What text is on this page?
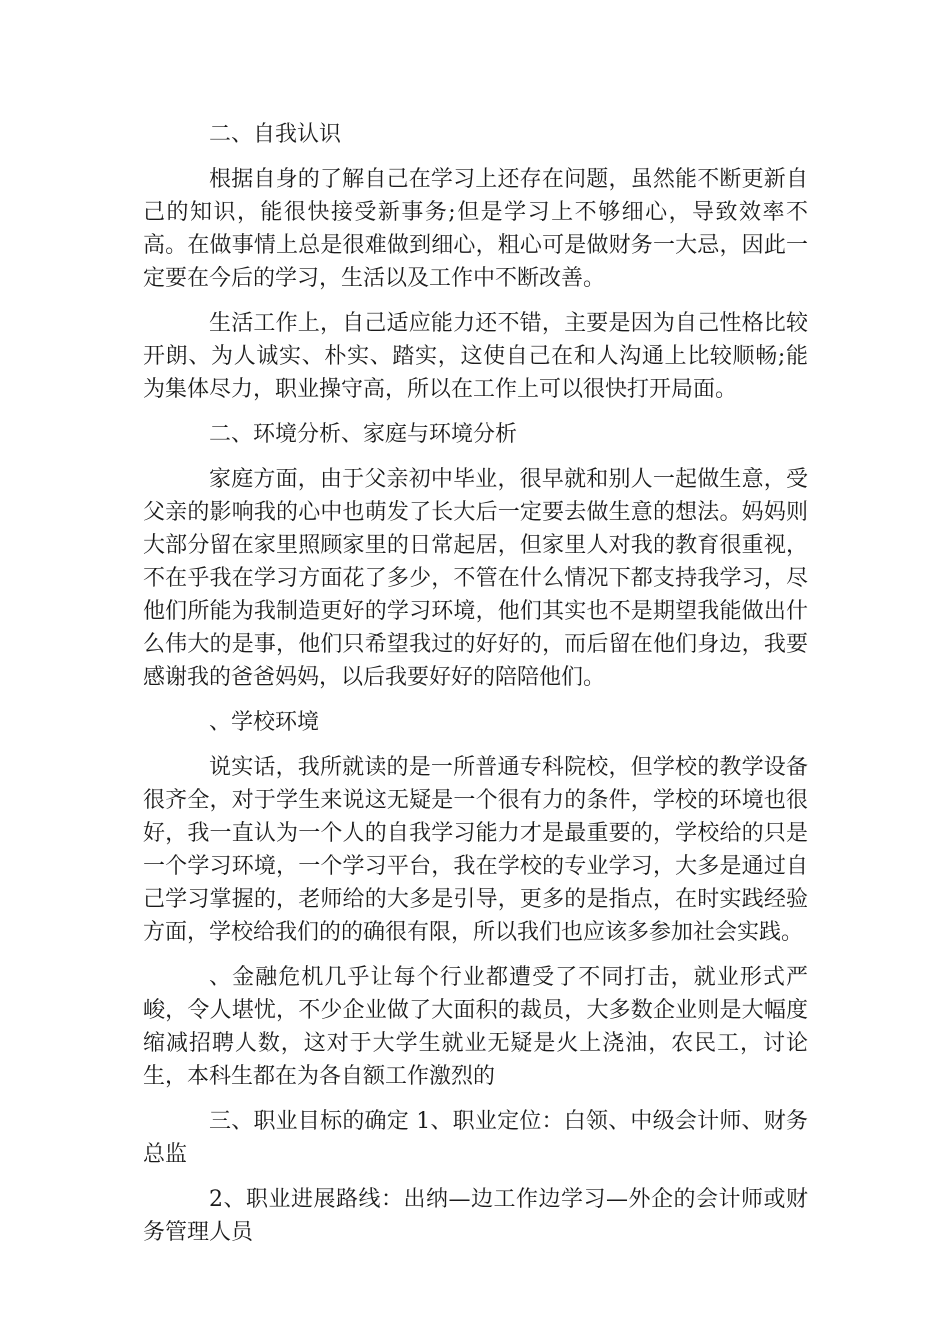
二、自我认识

根据自身的了解自己在学习上还存在问题，虽然能不断更新自己的知识，能很快接受新事务;但是学习上不够细心，导致效率不高。在做事情上总是很难做到细心，粗心可是做财务一大忌，因此一定要在今后的学习，生活以及工作中不断改善。

生活工作上，自己适应能力还不错，主要是因为自己性格比较开朗、为人诚实、朴实、踏实，这使自己在和人沟通上比较顺畅;能为集体尽力，职业操守高，所以在工作上可以很快打开局面。

二、环境分析、家庭与环境分析

家庭方面，由于父亲初中毕业，很早就和别人一起做生意，受父亲的影响我的心中也萌发了长大后一定要去做生意的想法。妈妈则大部分留在家里照顾家里的日常起居，但家里人对我的教育很重视，不在乎我在学习方面花了多少，不管在什么情况下都支持我学习，尽他们所能为我制造更好的学习环境，他们其实也不是期望我能做出什么伟大的是事，他们只希望我过的好好的，而后留在他们身边，我要感谢我的爸爸妈妈，以后我要好好的陪陪他们。

、学校环境

说实话，我所就读的是一所普通专科院校，但学校的教学设备很齐全，对于学生来说这无疑是一个很有力的条件，学校的环境也很好，我一直认为一个人的自我学习能力才是最重要的，学校给的只是一个学习环境，一个学习平台，我在学校的专业学习，大多是通过自己学习掌握的，老师给的大多是引导，更多的是指点，在时实践经验方面，学校给我们的的确很有限，所以我们也应该多参加社会实践。

、金融危机几乎让每个行业都遭受了不同打击，就业形式严峻，令人堪忧，不少企业做了大面积的裁员，大多数企业则是大幅度缩减招聘人数，这对于大学生就业无疑是火上浇油，农民工，讨论生，本科生都在为各自额工作激烈的

三、职业目标的确定 1、职业定位：白领、中级会计师、财务总监

2、职业进展路线：出纳—边工作边学习—外企的会计师或财务管理人员
